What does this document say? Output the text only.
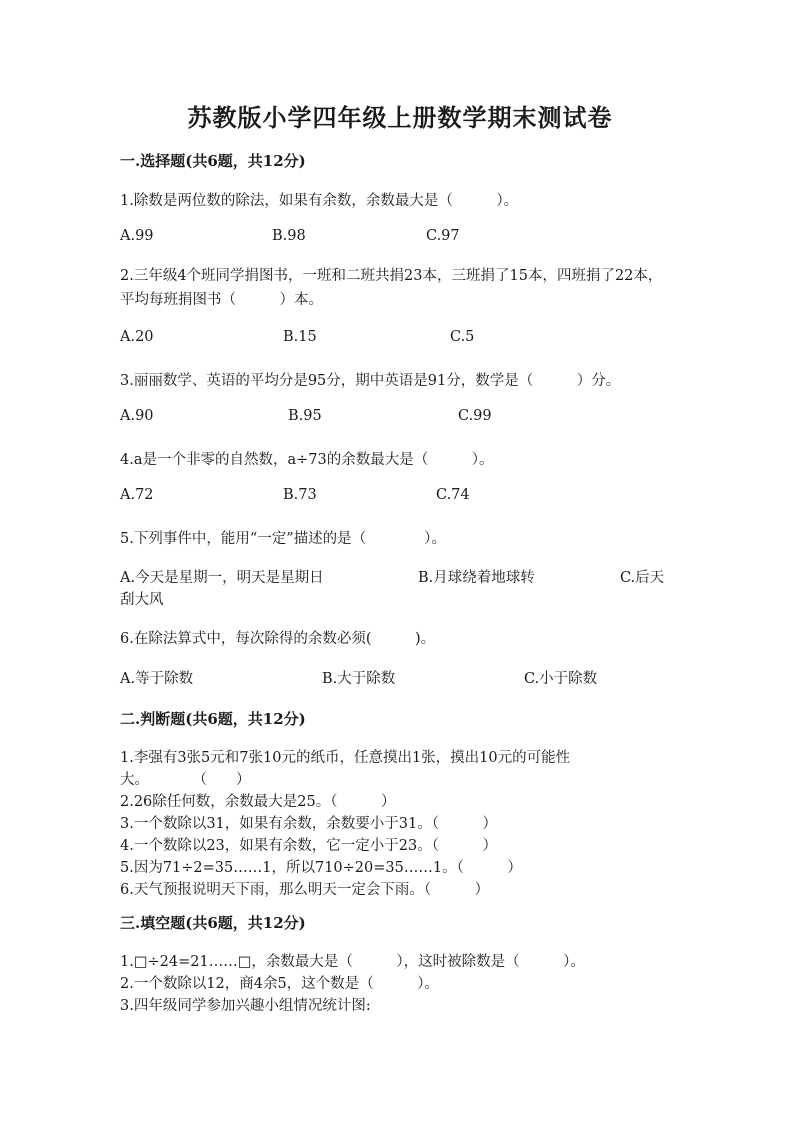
苏教版小学四年级上册数学期末测试卷
一.选择题(共6题，共12分)
1.除数是两位数的除法，如果有余数，余数最大是（　　　）。
A.99	B.98	C.97
2.三年级4个班同学捐图书，一班和二班共捐23本，三班捐了15本，四班捐了22本，平均每班捐图书（　　　）本。
A.20	B.15	C.5
3.丽丽数学、英语的平均分是95分，期中英语是91分，数学是（　　　）分。
A.90	B.95	C.99
4.a是一个非零的自然数，a÷73的余数最大是（　　　）。
A.72	B.73	C.74
5.下列事件中，能用“一定”描述的是（　　　　）。
A.今天是星期一，明天是星期日	B.月球绕着地球转	C.后天
刮大风
6.在除法算式中，每次除得的余数必须(　　　)。
A.等于除数	B.大于除数	C.小于除数
二.判断题(共6题，共12分)
1.李强有3张5元和7张10元的纸币，任意摸出1张，摸出10元的可能性
大。　　　　（　　）
2.26除任何数，余数最大是25。（　　　）
3.一个数除以31，如果有余数，余数要小于31。（　　　）
4.一个数除以23，如果有余数，它一定小于23。（　　　）
5.因为71÷2=35……1，所以710÷20=35……1。（　　　）
6.天气预报说明天下雨，那么明天一定会下雨。（　　　）
三.填空题(共6题，共12分)
1.□÷24=21……□，余数最大是（　　　），这时被除数是（　　　）。
2.一个数除以12，商4余5，这个数是（　　　）。
3.四年级同学参加兴趣小组情况统计图:
